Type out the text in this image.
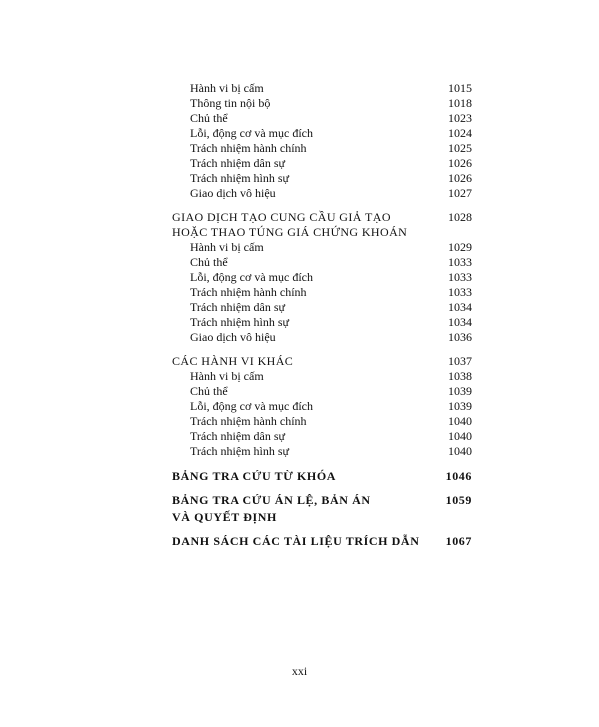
Hành vi bị cấm	1015
Thông tin nội bộ	1018
Chủ thể	1023
Lỗi, động cơ và mục đích	1024
Trách nhiệm hành chính	1025
Trách nhiệm dân sự	1026
Trách nhiệm hình sự	1026
Giao dịch vô hiệu	1027
GIAO DỊCH TẠO CUNG CẦU GIẢ TẠO	1028
HOẶC THAO TÚNG GIÁ CHỨNG KHOÁN
Hành vi bị cấm	1029
Chủ thể	1033
Lỗi, động cơ và mục đích	1033
Trách nhiệm hành chính	1033
Trách nhiệm dân sự	1034
Trách nhiệm hình sự	1034
Giao dịch vô hiệu	1036
CÁC HÀNH VI KHÁC	1037
Hành vi bị cấm	1038
Chủ thể	1039
Lỗi, động cơ và mục đích	1039
Trách nhiệm hành chính	1040
Trách nhiệm dân sự	1040
Trách nhiệm hình sự	1040
BẢNG TRA CỨU TỪ KHÓA	1046
BẢNG TRA CỨU ÁN LỆ, BẢN ÁN	1059
VÀ QUYẾT ĐỊNH
DANH SÁCH CÁC TÀI LIỆU TRÍCH DẪN	1067
xxi
